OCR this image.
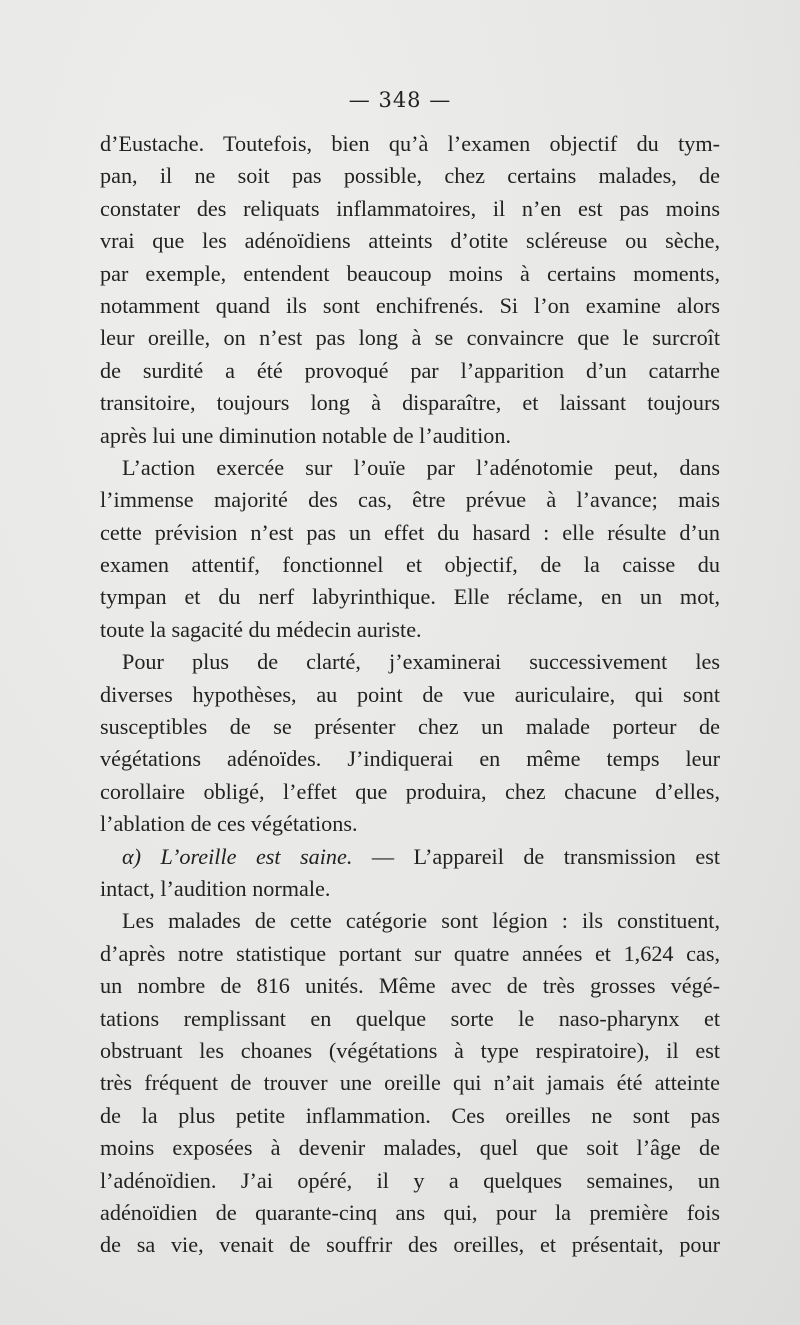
— 348 —
d’Eustache. Toutefois, bien qu’à l’examen objectif du tym-
pan, il ne soit pas possible, chez certains malades, de
constater des reliquats inflammatoires, il n’en est pas moins
vrai que les adénoïdiens atteints d’otite scléreuse ou sèche,
par exemple, entendent beaucoup moins à certains moments,
notamment quand ils sont enchifrenés. Si l’on examine alors
leur oreille, on n’est pas long à se convaincre que le surcroît
de surdité a été provoqué par l’apparition d’un catarrhe
transitoire, toujours long à disparaître, et laissant toujours
après lui une diminution notable de l’audition.
L’action exercée sur l’ouïe par l’adénotomie peut, dans
l’immense majorité des cas, être prévue à l’avance; mais
cette prévision n’est pas un effet du hasard : elle résulte d’un
examen attentif, fonctionnel et objectif, de la caisse du
tympan et du nerf labyrinthique. Elle réclame, en un mot,
toute la sagacité du médecin auriste.
Pour plus de clarté, j’examinerai successivement les
diverses hypothèses, au point de vue auriculaire, qui sont
susceptibles de se présenter chez un malade porteur de
végétations adénoïdes. J’indiquerai en même temps leur
corollaire obligé, l’effet que produira, chez chacune d’elles,
l’ablation de ces végétations.
α) L’oreille est saine. — L’appareil de transmission est
intact, l’audition normale.
Les malades de cette catégorie sont légion : ils constituent,
d’après notre statistique portant sur quatre années et 1,624 cas,
un nombre de 816 unités. Même avec de très grosses végé-
tations remplissant en quelque sorte le naso-pharynx et
obstruant les choanes (végétations à type respiratoire), il est
très fréquent de trouver une oreille qui n’ait jamais été atteinte
de la plus petite inflammation. Ces oreilles ne sont pas
moins exposées à devenir malades, quel que soit l’âge de
l’adénoïdien. J’ai opéré, il y a quelques semaines, un
adénoïdien de quarante-cinq ans qui, pour la première fois
de sa vie, venait de souffrir des oreilles, et présentait, pour
